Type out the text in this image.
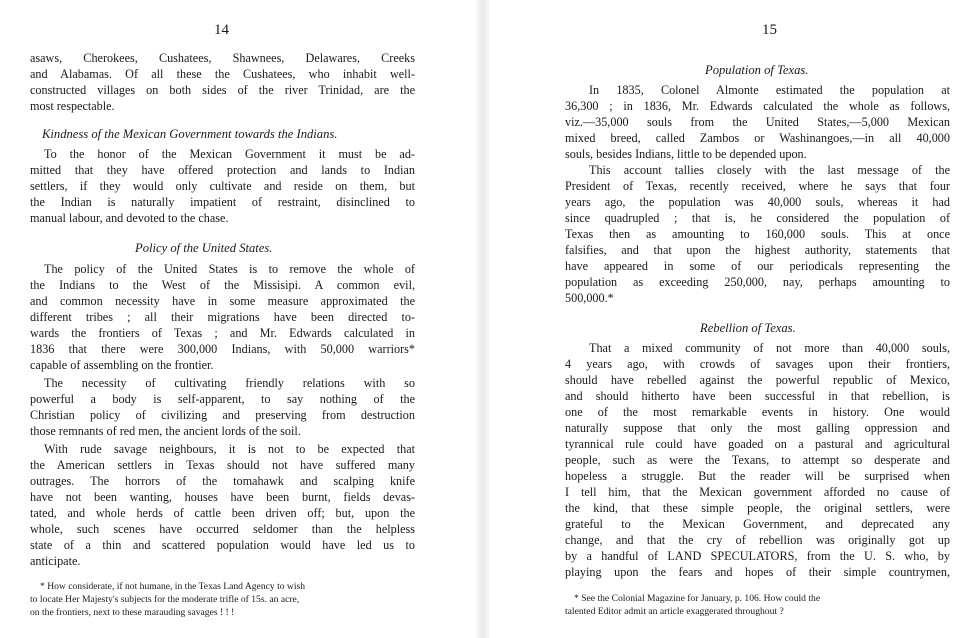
14
asaws, Cherokees, Cushatees, Shawnees, Delawares, Creeks
and Alabamas. Of all these the Cushatees, who inhabit well-
constructed villages on both sides of the river Trinidad, are the
most respectable.
Kindness of the Mexican Government towards the Indians.
To the honor of the Mexican Government it must be ad-
mitted that they have offered protection and lands to Indian
settlers, if they would only cultivate and reside on them, but
the Indian is naturally impatient of restraint, disinclined to
manual labour, and devoted to the chase.
Policy of the United States.
The policy of the United States is to remove the whole of
the Indians to the West of the Missisipi. A common evil,
and common necessity have in some measure approximated the
different tribes ; all their migrations have been directed to-
wards the frontiers of Texas ; and Mr. Edwards calculated in
1836 that there were 300,000 Indians, with 50,000 warriors*
capable of assembling on the frontier.
The necessity of cultivating friendly relations with so
powerful a body is self-apparent, to say nothing of the
Christian policy of civilizing and preserving from destruction
those remnants of red men, the ancient lords of the soil.
With rude savage neighbours, it is not to be expected that
the American settlers in Texas should not have suffered many
outrages. The horrors of the tomahawk and scalping knife
have not been wanting, houses have been burnt, fields devas-
tated, and whole herds of cattle been driven off; but, upon the
whole, such scenes have occurred seldomer than the helpless
state of a thin and scattered population would have led us to
anticipate.
* How considerate, if not humane, in the Texas Land Agency to wish
to locate Her Majesty's subjects for the moderate trifle of 15s. an acre,
on the frontiers, next to these marauding savages ! ! !
15
Population of Texas.
In 1835, Colonel Almonte estimated the population at
36,300 ; in 1836, Mr. Edwards calculated the whole as follows,
viz.—35,000 souls from the United States,—5,000 Mexican
mixed breed, called Zambos or Washinangoes,—in all 40,000
souls, besides Indians, little to be depended upon.
This account tallies closely with the last message of the
President of Texas, recently received, where he says that four
years ago, the population was 40,000 souls, whereas it had
since quadrupled ; that is, he considered the population of
Texas then as amounting to 160,000 souls. This at once
falsifies, and that upon the highest authority, statements that
have appeared in some of our periodicals representing the
population as exceeding 250,000, nay, perhaps amounting to
500,000.*
Rebellion of Texas.
That a mixed community of not more than 40,000 souls,
4 years ago, with crowds of savages upon their frontiers,
should have rebelled against the powerful republic of Mexico,
and should hitherto have been successful in that rebellion, is
one of the most remarkable events in history. One would
naturally suppose that only the most galling oppression and
tyrannical rule could have goaded on a pastural and agricultural
people, such as were the Texans, to attempt so desperate and
hopeless a struggle. But the reader will be surprised when
I tell him, that the Mexican government afforded no cause of
the kind, that these simple people, the original settlers, were
grateful to the Mexican Government, and deprecated any
change, and that the cry of rebellion was originally got up
by a handful of LAND SPECULATORS, from the U. S. who, by
playing upon the fears and hopes of their simple countrymen,
* See the Colonial Magazine for January, p. 106. How could the
talented Editor admit an article exaggerated throughout ?
